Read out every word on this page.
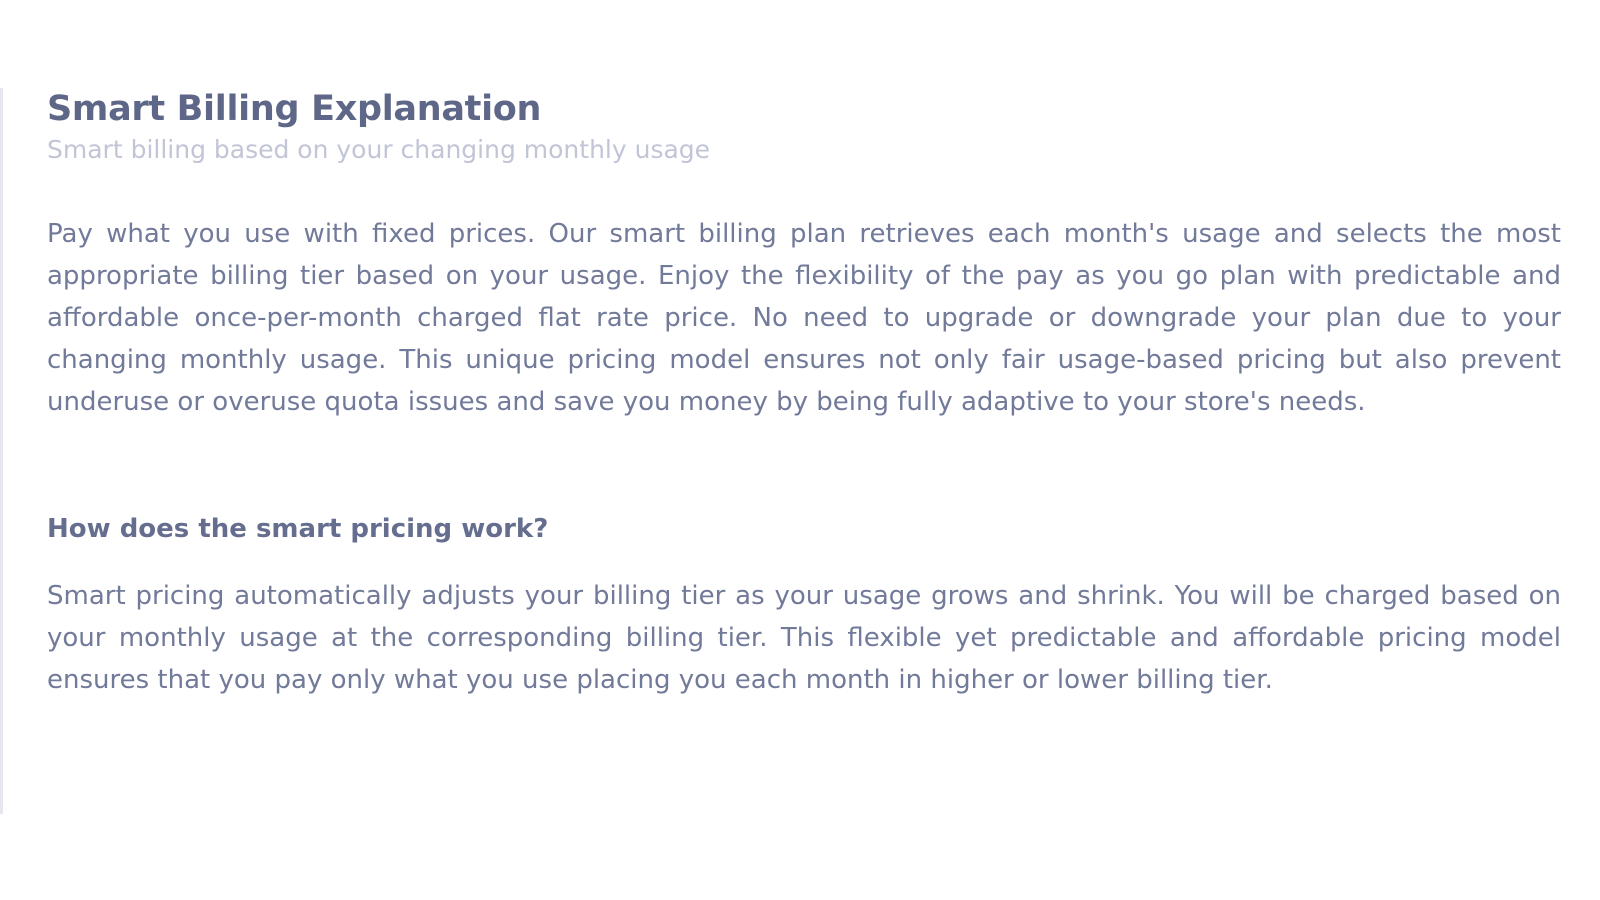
Smart Billing Explanation

Smart billing based on your changing monthly usage

Pay what you use with fixed prices. Our smart billing plan retrieves each month's usage and selects the most appropriate billing tier based on your usage. Enjoy the flexibility of the pay as you go plan with predictable and affordable once-per-month charged flat rate price. No need to upgrade or downgrade your plan due to your changing monthly usage. This unique pricing model ensures not only fair usage-based pricing but also prevent underuse or overuse quota issues and save you money by being fully adaptive to your store's needs.

How does the smart pricing work?

Smart pricing automatically adjusts your billing tier as your usage grows and shrink. You will be charged based on your monthly usage at the corresponding billing tier. This flexible yet predictable and affordable pricing model ensures that you pay only what you use placing you each month in higher or lower billing tier.
